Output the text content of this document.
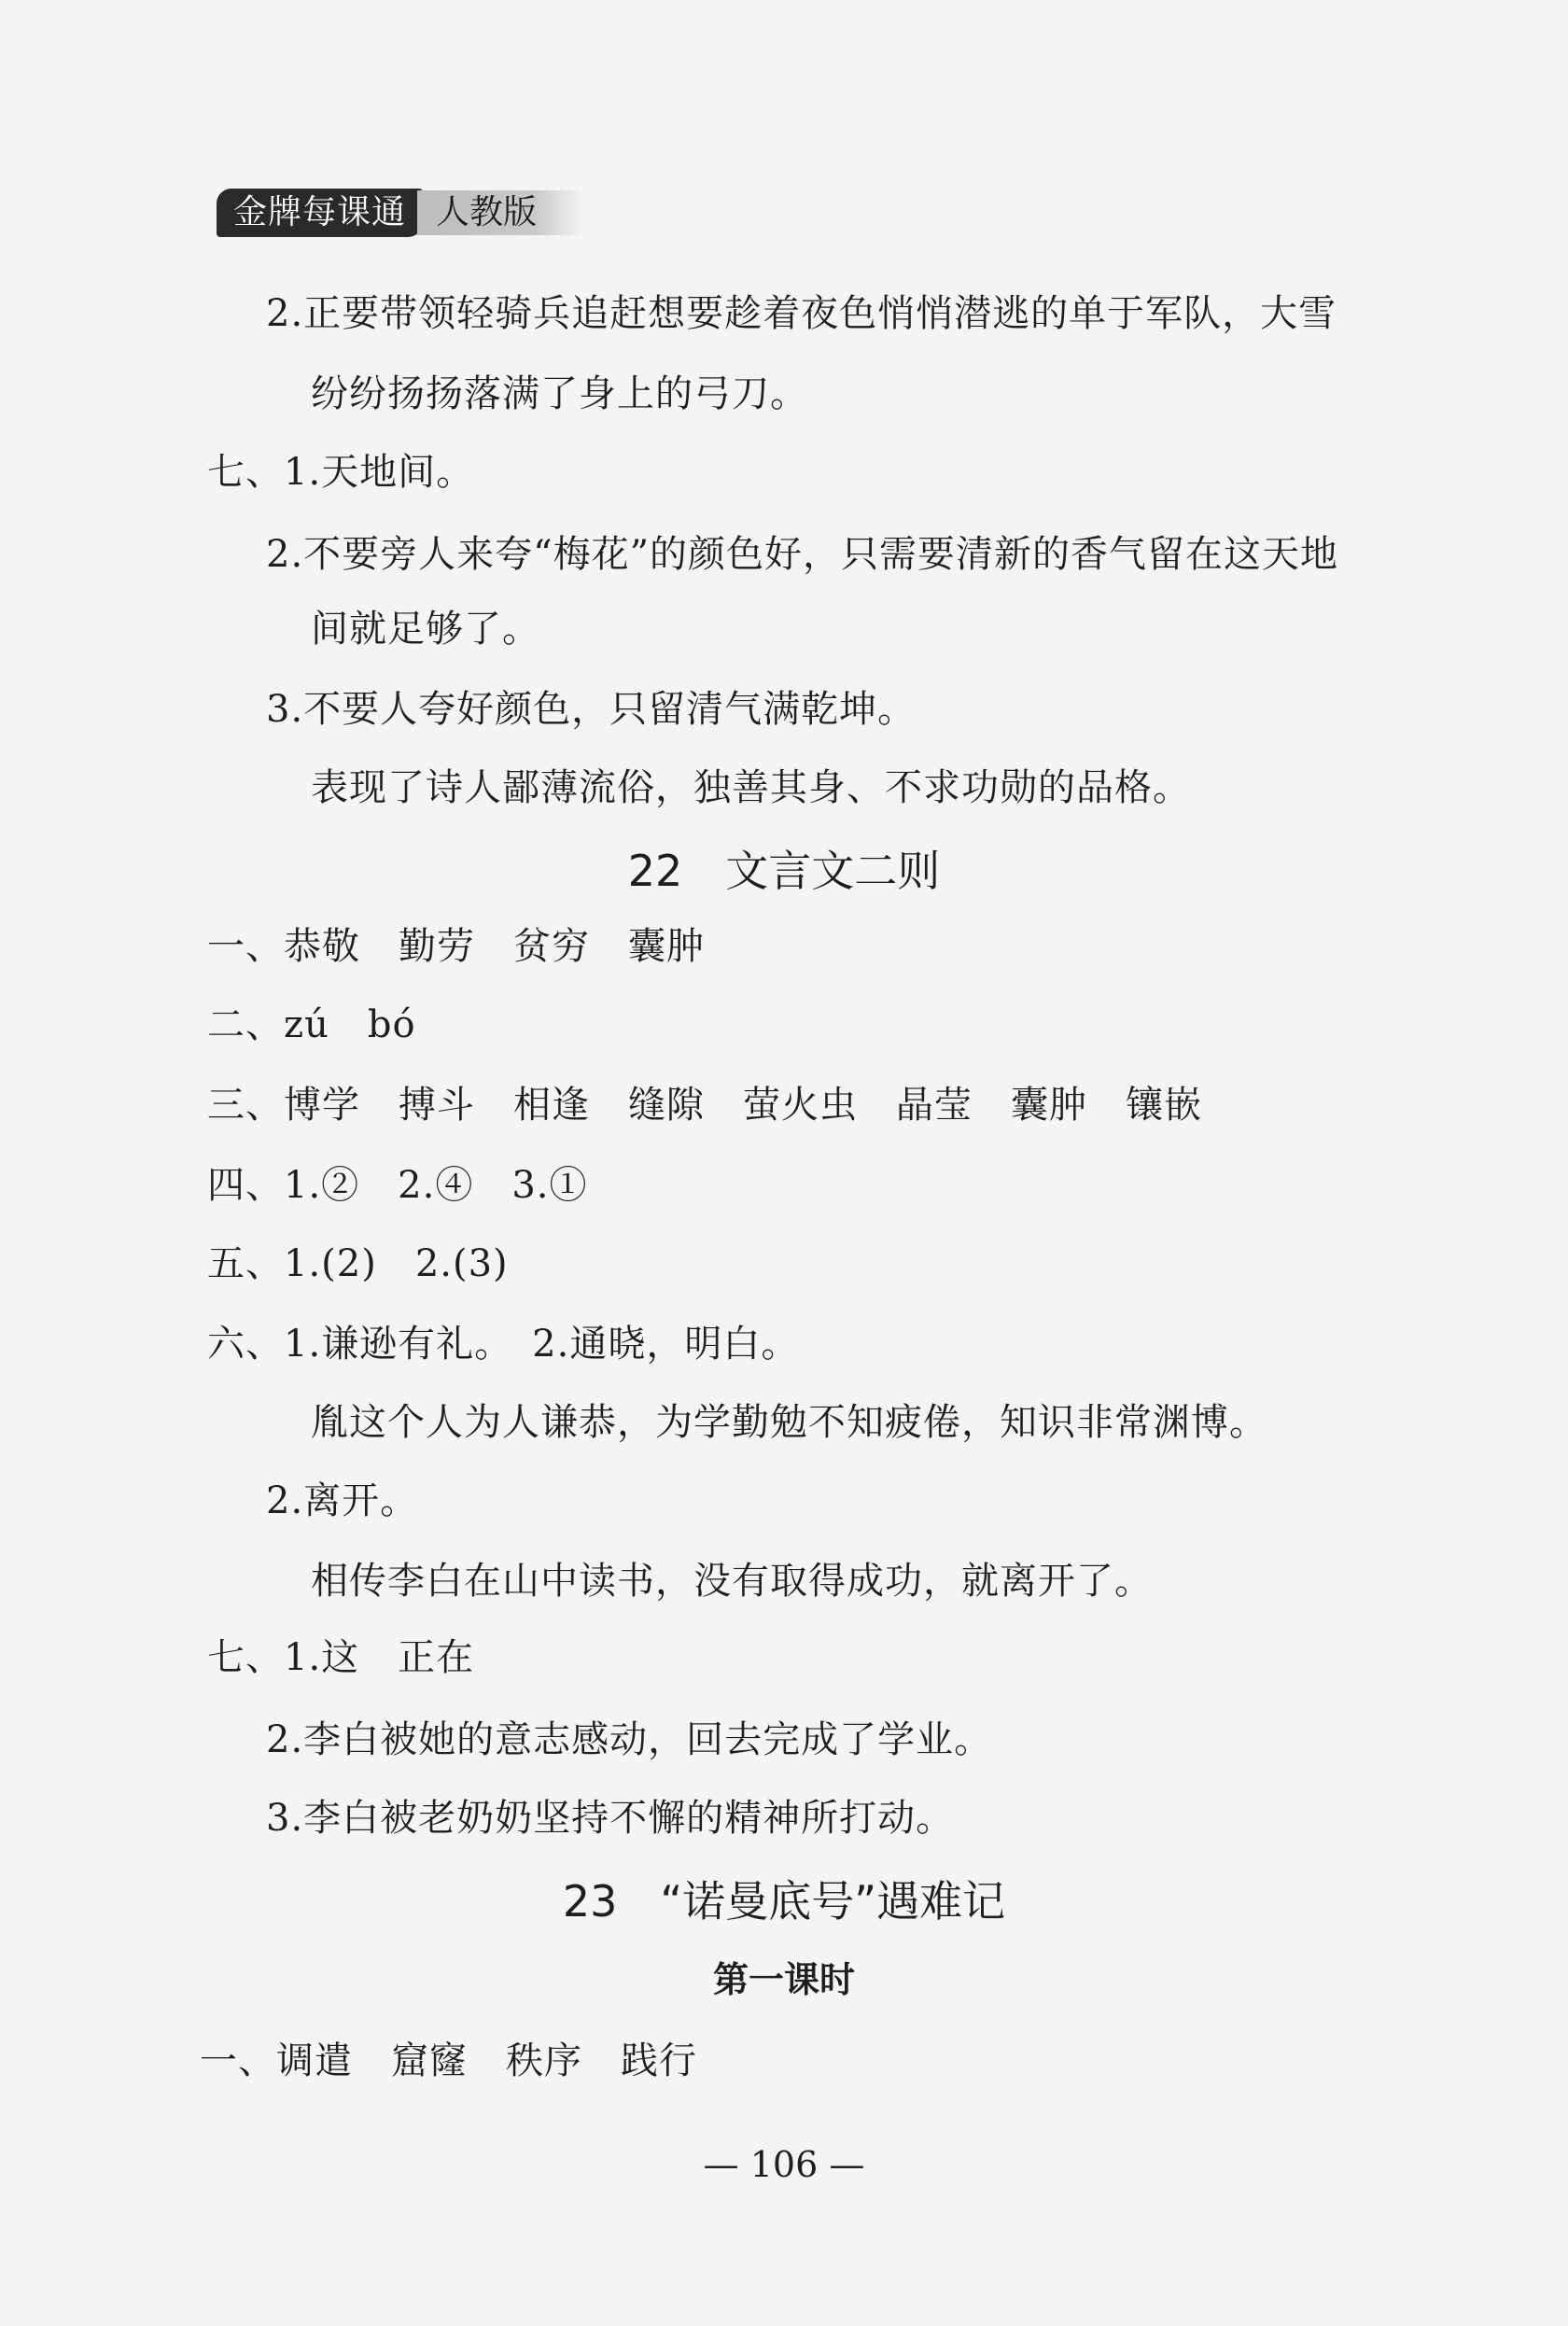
金牌每课通 人教版
2.正要带领轻骑兵追赶想要趁着夜色悄悄潜逃的单于军队，大雪
纷纷扬扬落满了身上的弓刀。
七、1.天地间。
2.不要旁人来夸“梅花”的颜色好，只需要清新的香气留在这天地
间就足够了。
3.不要人夸好颜色，只留清气满乾坤。
表现了诗人鄙薄流俗，独善其身、不求功勋的品格。
22　文言文二则
一、恭敬　勤劳　贫穷　囊肿
二、zú　bó
三、博学　搏斗　相逢　缝隙　萤火虫　晶莹　囊肿　镶嵌
四、1.②　2.④　3.①
五、1.(2)　2.(3)
六、1.谦逊有礼。　2.通晓，明白。
胤这个人为人谦恭，为学勤勉不知疲倦，知识非常渊博。
2.离开。
相传李白在山中读书，没有取得成功，就离开了。
七、1.这　正在
2.李白被她的意志感动，回去完成了学业。
3.李白被老奶奶坚持不懈的精神所打动。
23　“诺曼底号”遇难记
第一课时
一、调遣　窟窿　秩序　践行
— 106 —
